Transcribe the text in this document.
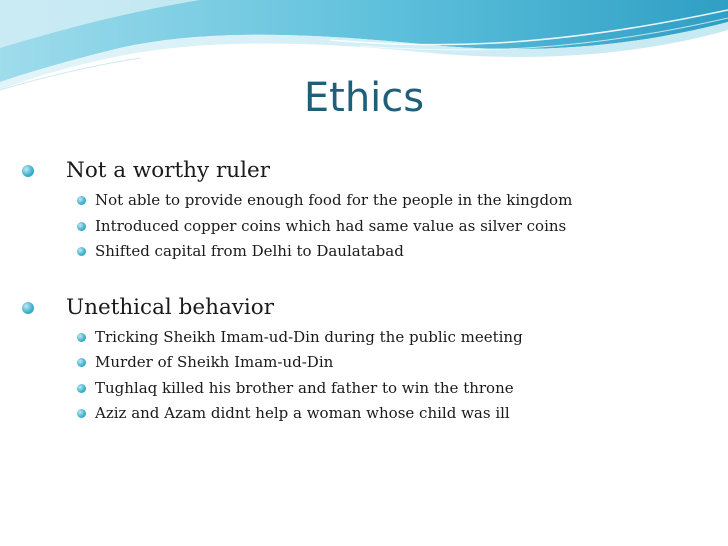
Ethics
Not a worthy ruler
Not able to provide enough food for the people in the kingdom
Introduced copper coins which had same value as silver coins
Shifted capital from Delhi to Daulatabad
Unethical behavior
Tricking Sheikh Imam-ud-Din during the public meeting
Murder of Sheikh Imam-ud-Din
Tughlaq killed his brother and father to win the throne
Aziz and Azam didnt help a woman whose child was ill
